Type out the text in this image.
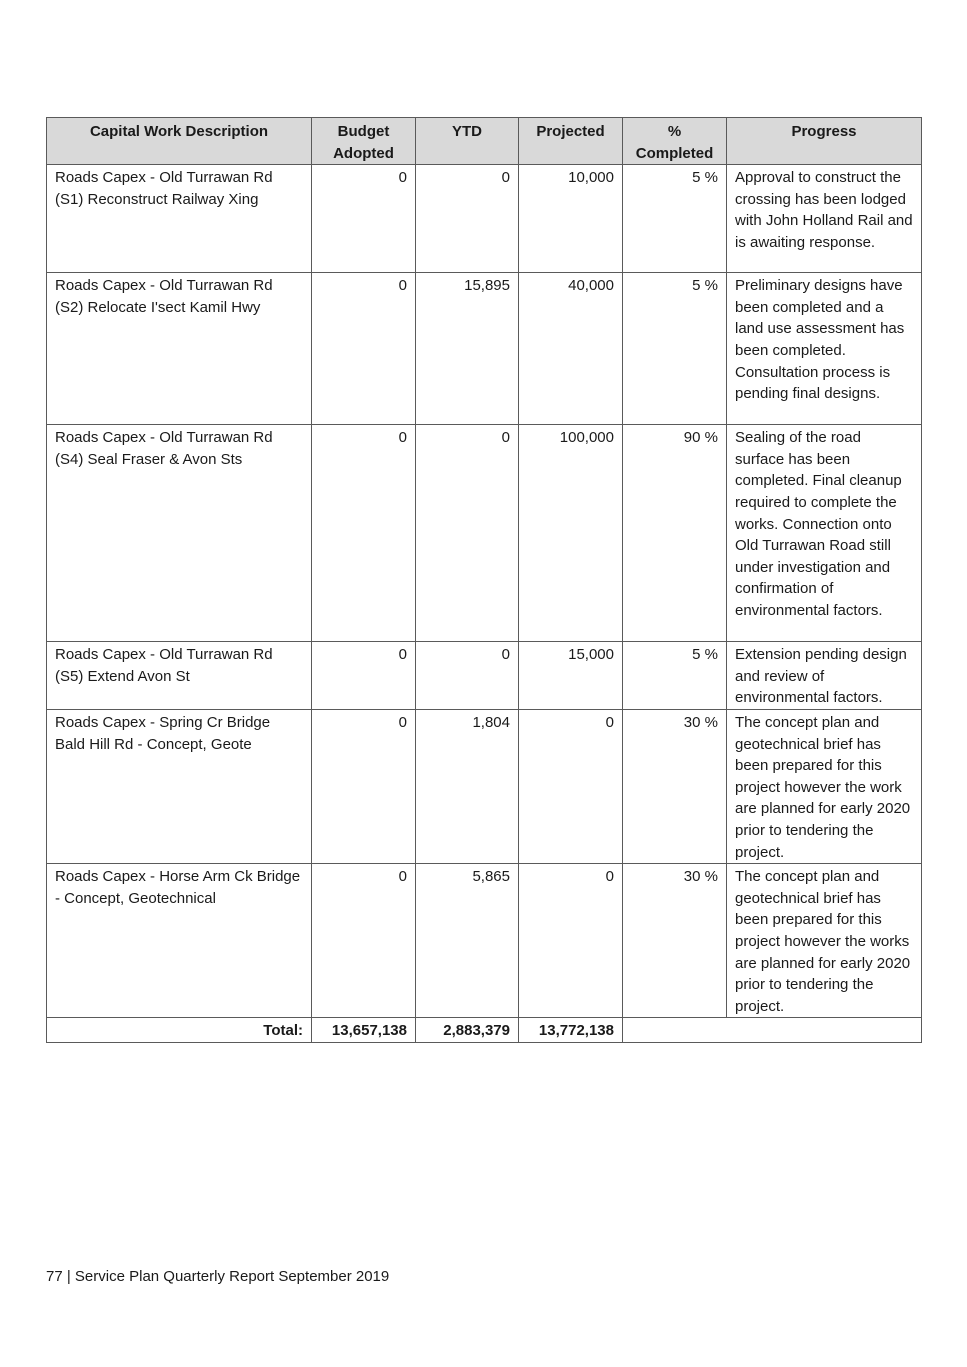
Capital Work Description	Budget Adopted	YTD	Projected	% Completed	Progress
Roads Capex - Old Turrawan Rd (S1) Reconstruct Railway Xing	0	0	10,000	5 %	Approval to construct the crossing has been lodged with John Holland Rail and is awaiting response.
Roads Capex - Old Turrawan Rd (S2) Relocate I'sect Kamil Hwy	0	15,895	40,000	5 %	Preliminary designs have been completed and a land use assessment has been completed. Consultation process is pending final designs.
Roads Capex - Old Turrawan Rd (S4) Seal Fraser & Avon Sts	0	0	100,000	90 %	Sealing of the road surface has been completed. Final cleanup required to complete the works. Connection onto Old Turrawan Road still under investigation and confirmation of environmental factors.
Roads Capex - Old Turrawan Rd (S5) Extend Avon St	0	0	15,000	5 %	Extension pending design and review of environmental factors.
Roads Capex - Spring Cr Bridge Bald Hill Rd - Concept, Geote	0	1,804	0	30 %	The concept plan and geotechnical brief has been prepared for this project however the work are planned for early 2020 prior to tendering the project.
Roads Capex - Horse Arm Ck Bridge - Concept, Geotechnical	0	5,865	0	30 %	The concept plan and geotechnical brief has been prepared for this project however the works are planned for early 2020 prior to tendering the project.
Total:	13,657,138	2,883,379	13,772,138		
77 | Service Plan Quarterly Report September 2019
